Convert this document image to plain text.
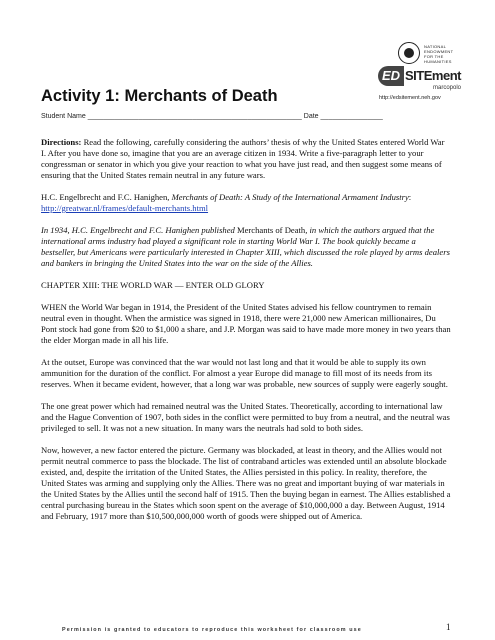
NATIONAL
ENDOWMENT
FOR THE
HUMANITIES
ED SITEment
marcopolo
http://edsitement.neh.gov
Activity 1: Merchants of Death
Student Name _______________________________________________________ Date ________________

Directions: Read the following, carefully considering the authors’ thesis of why the United States entered World War I. After you have done so, imagine that you are an average citizen in 1934. Write a five-paragraph letter to your congressman or senator in which you give your reaction to what you have just read, and then suggest some means of ensuring that the United States remain neutral in any future wars.

H.C. Engelbrecht and F.C. Hanighen, Merchants of Death: A Study of the International Armament Industry: http://greatwar.nl/frames/default-merchants.html

In 1934, H.C. Engelbrecht and F.C. Hanighen published Merchants of Death, in which the authors argued that the international arms industry had played a significant role in starting World War I. The book quickly became a bestseller, but Americans were particularly interested in Chapter XIII, which discussed the role played by arms dealers and bankers in bringing the United States into the war on the side of the Allies.

CHAPTER XIII: THE WORLD WAR — ENTER OLD GLORY

WHEN the World War began in 1914, the President of the United States advised his fellow countrymen to remain neutral even in thought. When the armistice was signed in 1918, there were 21,000 new American millionaires, Du Pont stock had gone from $20 to $1,000 a share, and J.P. Morgan was said to have made more money in two years than the elder Morgan made in all his life.

At the outset, Europe was convinced that the war would not last long and that it would be able to supply its own ammunition for the duration of the conflict. For almost a year Europe did manage to fill most of its needs from its reserves. When it became evident, however, that a long war was probable, new sources of supply were eagerly sought.

The one great power which had remained neutral was the United States. Theoretically, according to international law and the Hague Convention of 1907, both sides in the conflict were permitted to buy from a neutral, and the neutral was privileged to sell. It was not a new situation. In many wars the neutrals had sold to both sides.

Now, however, a new factor entered the picture. Germany was blockaded, at least in theory, and the Allies would not permit neutral commerce to pass the blockade. The list of contraband articles was extended until an absolute blockade existed, and, despite the irritation of the United States, the Allies persisted in this policy. In reality, therefore, the United States was arming and supplying only the Allies. There was no great and important buying of war materials in the United States by the Allies until the second half of 1915. Then the buying began in earnest. The Allies established a central purchasing bureau in the States which soon spent on the average of $10,000,000 a day. Between August, 1914 and February, 1917 more than $10,500,000,000 worth of goods were shipped out of America.

Permission is granted to educators to reproduce this worksheet for classroom use	1
